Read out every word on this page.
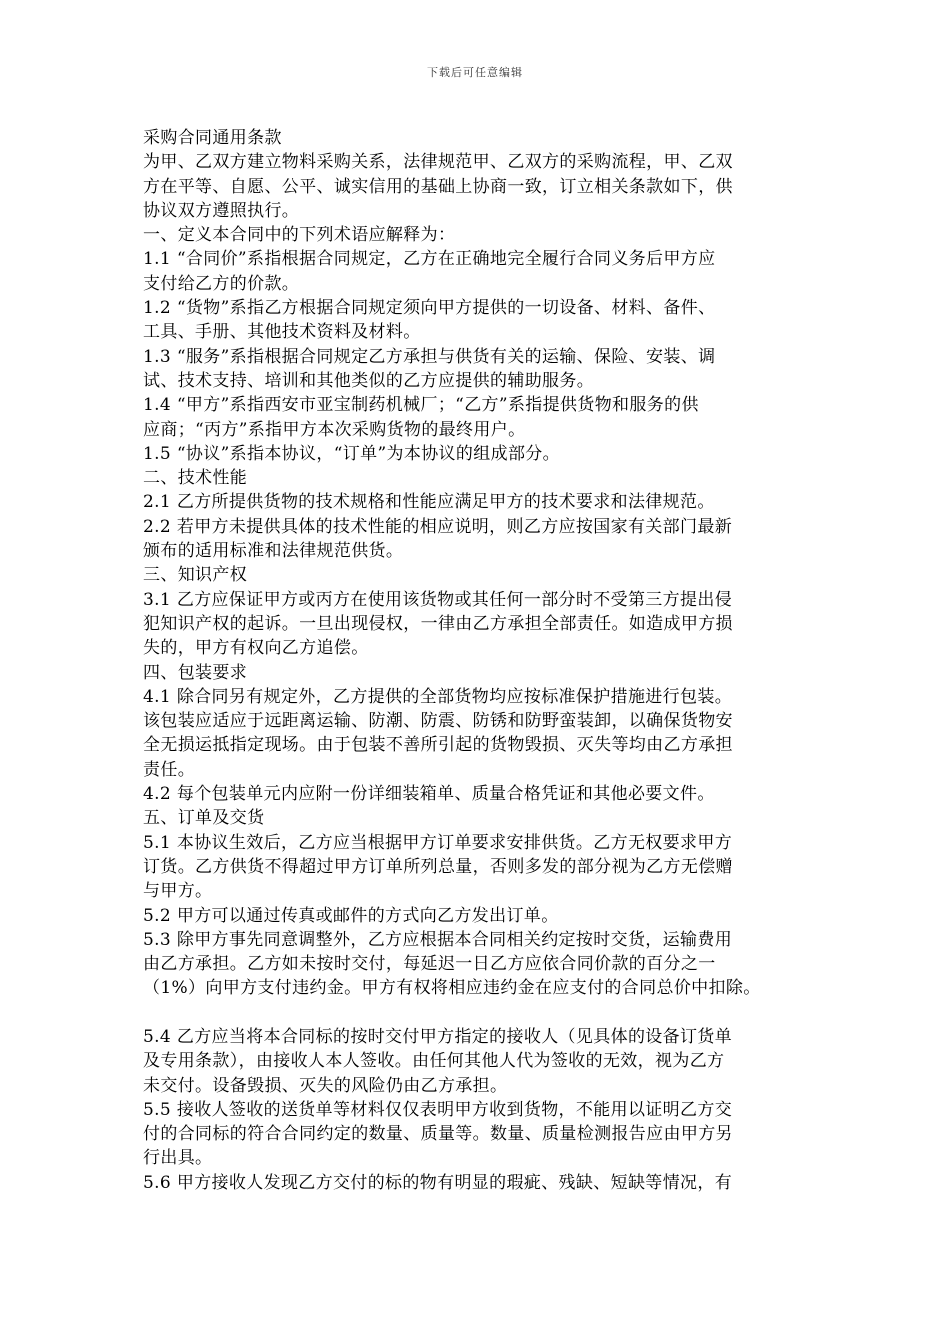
下载后可任意编辑
采购合同通用条款
为甲、乙双方建立物料采购关系，法律规范甲、乙双方的采购流程，甲、乙双
方在平等、自愿、公平、诚实信用的基础上协商一致，订立相关条款如下，供
协议双方遵照执行。
一、定义本合同中的下列术语应解释为：
1.1 “合同价”系指根据合同规定，乙方在正确地完全履行合同义务后甲方应
支付给乙方的价款。
1.2 “货物”系指乙方根据合同规定须向甲方提供的一切设备、材料、备件、
工具、手册、其他技术资料及材料。
1.3 “服务”系指根据合同规定乙方承担与供货有关的运输、保险、安装、调
试、技术支持、培训和其他类似的乙方应提供的辅助服务。
1.4 “甲方”系指西安市亚宝制药机械厂；“乙方”系指提供货物和服务的供
应商；“丙方”系指甲方本次采购货物的最终用户。
1.5 “协议”系指本协议，“订单”为本协议的组成部分。
二、技术性能
2.1 乙方所提供货物的技术规格和性能应满足甲方的技术要求和法律规范。
2.2 若甲方未提供具体的技术性能的相应说明，则乙方应按国家有关部门最新
颁布的适用标准和法律规范供货。
三、知识产权
3.1 乙方应保证甲方或丙方在使用该货物或其任何一部分时不受第三方提出侵
犯知识产权的起诉。一旦出现侵权，一律由乙方承担全部责任。如造成甲方损
失的，甲方有权向乙方追偿。
四、包装要求
4.1 除合同另有规定外，乙方提供的全部货物均应按标准保护措施进行包装。
该包装应适应于远距离运输、防潮、防震、防锈和防野蛮装卸，以确保货物安
全无损运抵指定现场。由于包装不善所引起的货物毁损、灭失等均由乙方承担
责任。
4.2 每个包装单元内应附一份详细装箱单、质量合格凭证和其他必要文件。
五、订单及交货
5.1 本协议生效后，乙方应当根据甲方订单要求安排供货。乙方无权要求甲方
订货。乙方供货不得超过甲方订单所列总量，否则多发的部分视为乙方无偿赠
与甲方。
5.2 甲方可以通过传真或邮件的方式向乙方发出订单。
5.3 除甲方事先同意调整外，乙方应根据本合同相关约定按时交货，运输费用
由乙方承担。乙方如未按时交付，每延迟一日乙方应依合同价款的百分之一
（1%）向甲方支付违约金。甲方有权将相应违约金在应支付的合同总价中扣除。
5.4 乙方应当将本合同标的按时交付甲方指定的接收人（见具体的设备订货单
及专用条款），由接收人本人签收。由任何其他人代为签收的无效，视为乙方
未交付。设备毁损、灭失的风险仍由乙方承担。
5.5 接收人签收的送货单等材料仅仅表明甲方收到货物，不能用以证明乙方交
付的合同标的符合合同约定的数量、质量等。数量、质量检测报告应由甲方另
行出具。
5.6 甲方接收人发现乙方交付的标的物有明显的瑕疵、残缺、短缺等情况，有
